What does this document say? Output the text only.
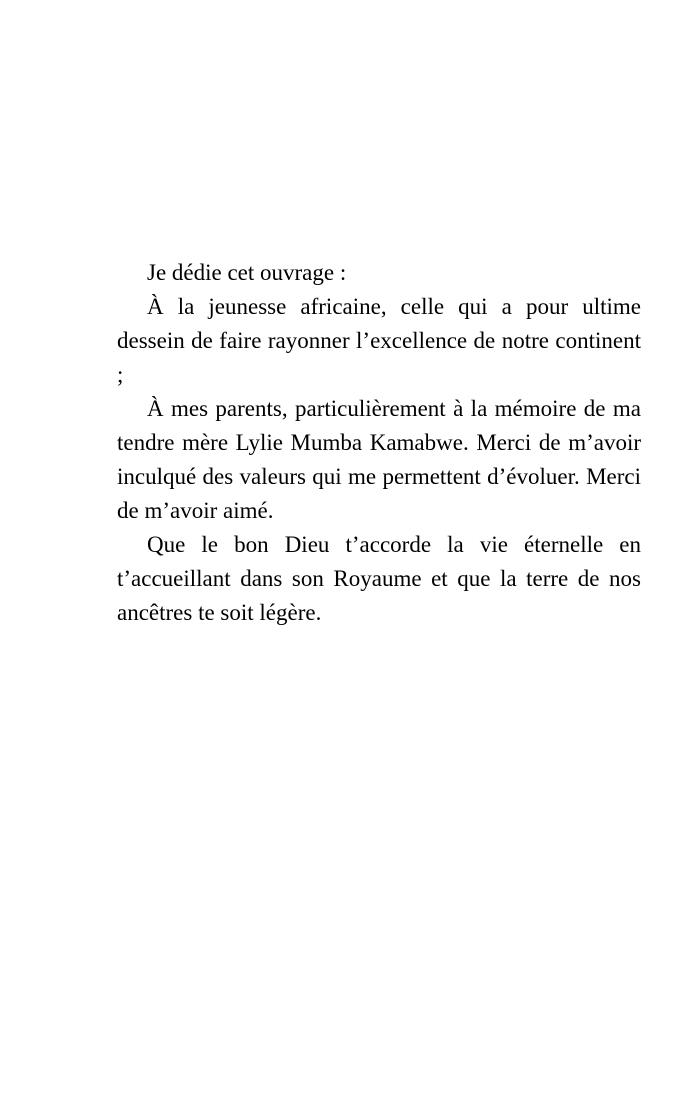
Je dédie cet ouvrage :

À la jeunesse africaine, celle qui a pour ultime dessein de faire rayonner l’excellence de notre continent ;

À mes parents, particulièrement à la mémoire de ma tendre mère Lylie Mumba Kamabwe. Merci de m’avoir inculqué des valeurs qui me permettent d’évoluer. Merci de m’avoir aimé.

Que le bon Dieu t’accorde la vie éternelle en t’accueillant dans son Royaume et que la terre de nos ancêtres te soit légère.
